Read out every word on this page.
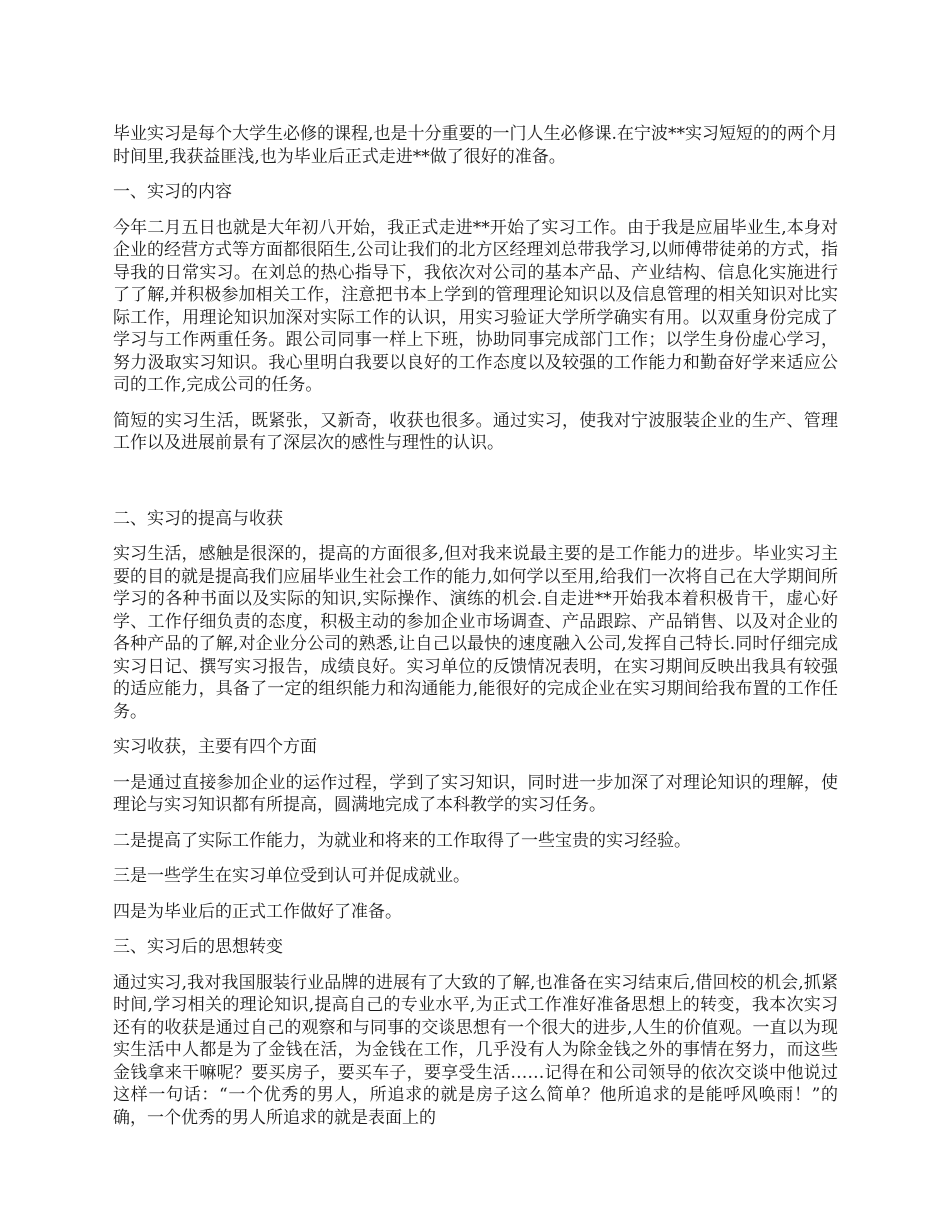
毕业实习是每个大学生必修的课程,也是十分重要的一门人生必修课.在宁波**实习短短的的两个月时间里,我获益匪浅,也为毕业后正式走进**做了很好的准备。

一、实习的内容

今年二月五日也就是大年初八开始，我正式走进**开始了实习工作。由于我是应届毕业生,本身对企业的经营方式等方面都很陌生,公司让我们的北方区经理刘总带我学习,以师傅带徒弟的方式，指导我的日常实习。在刘总的热心指导下，我依次对公司的基本产品、产业结构、信息化实施进行了了解,并积极参加相关工作，注意把书本上学到的管理理论知识以及信息管理的相关知识对比实际工作，用理论知识加深对实际工作的认识，用实习验证大学所学确实有用。以双重身份完成了学习与工作两重任务。跟公司同事一样上下班，协助同事完成部门工作；以学生身份虚心学习，努力汲取实习知识。我心里明白我要以良好的工作态度以及较强的工作能力和勤奋好学来适应公司的工作,完成公司的任务。

简短的实习生活，既紧张，又新奇，收获也很多。通过实习，使我对宁波服装企业的生产、管理工作以及进展前景有了深层次的感性与理性的认识。

二、实习的提高与收获

实习生活，感触是很深的，提高的方面很多,但对我来说最主要的是工作能力的进步。毕业实习主要的目的就是提高我们应届毕业生社会工作的能力,如何学以至用,给我们一次将自己在大学期间所学习的各种书面以及实际的知识,实际操作、演练的机会.自走进**开始我本着积极肯干，虚心好学、工作仔细负责的态度，积极主动的参加企业市场调查、产品跟踪、产品销售、以及对企业的各种产品的了解,对企业分公司的熟悉,让自己以最快的速度融入公司,发挥自己特长.同时仔细完成实习日记、撰写实习报告，成绩良好。实习单位的反馈情况表明，在实习期间反映出我具有较强的适应能力，具备了一定的组织能力和沟通能力,能很好的完成企业在实习期间给我布置的工作任务。

实习收获，主要有四个方面

一是通过直接参加企业的运作过程，学到了实习知识，同时进一步加深了对理论知识的理解，使理论与实习知识都有所提高，圆满地完成了本科教学的实习任务。

二是提高了实际工作能力，为就业和将来的工作取得了一些宝贵的实习经验。

三是一些学生在实习单位受到认可并促成就业。

四是为毕业后的正式工作做好了准备。

三、实习后的思想转变

通过实习,我对我国服装行业品牌的进展有了大致的了解,也准备在实习结束后,借回校的机会,抓紧时间,学习相关的理论知识,提高自己的专业水平,为正式工作准好准备思想上的转变，我本次实习还有的收获是通过自己的观察和与同事的交谈思想有一个很大的进步,人生的价值观。一直以为现实生活中人都是为了金钱在活，为金钱在工作，几乎没有人为除金钱之外的事情在努力，而这些金钱拿来干嘛呢？要买房子，要买车子，要享受生活……记得在和公司领导的依次交谈中他说过这样一句话：“一个优秀的男人，所追求的就是房子这么简单？他所追求的是能呼风唤雨！”的确，一个优秀的男人所追求的就是表面上的
